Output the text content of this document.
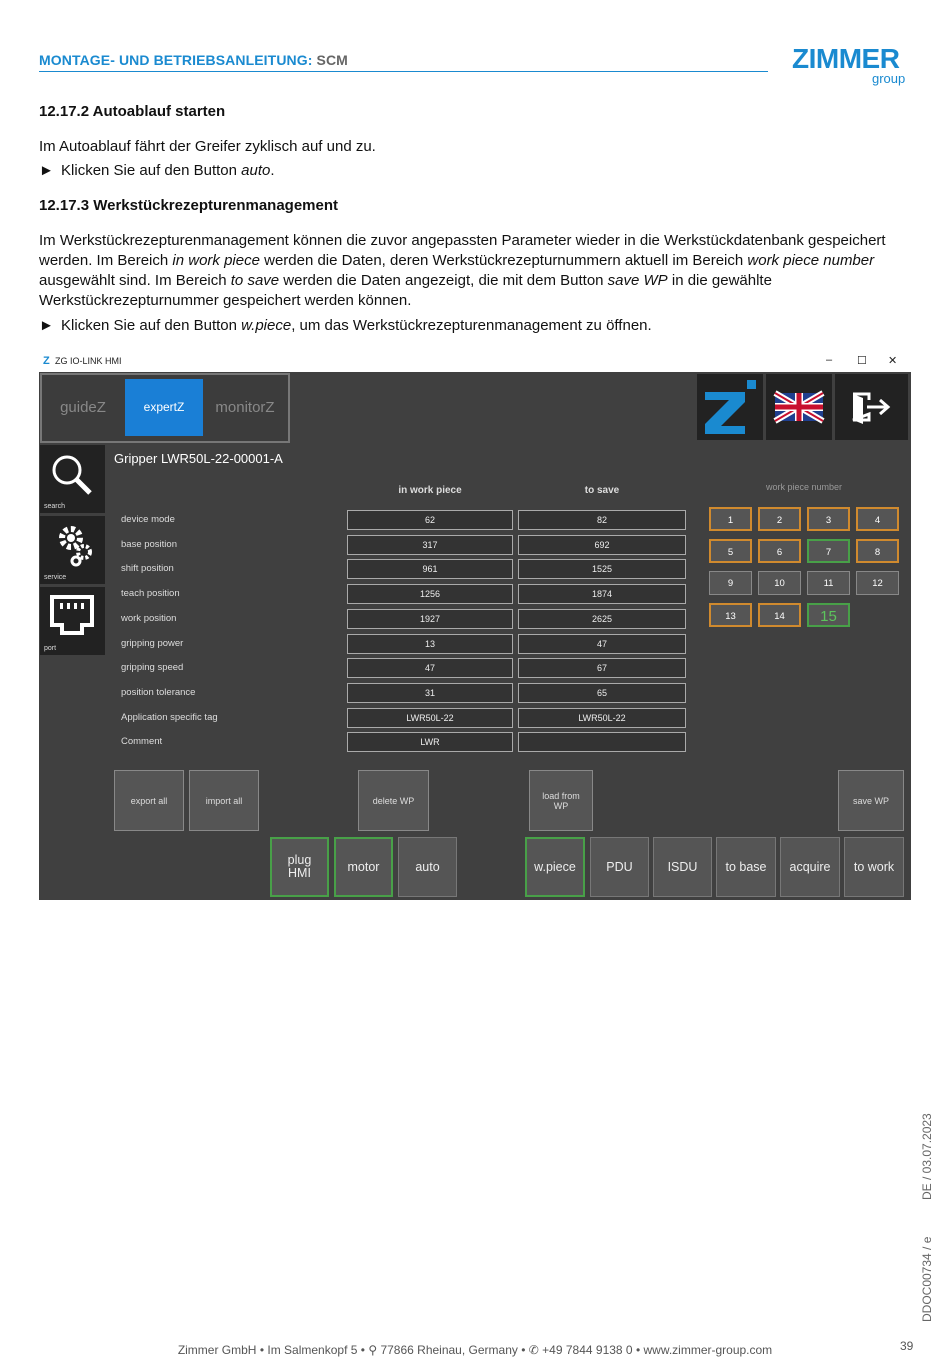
MONTAGE- UND BETRIEBSANLEITUNG: SCM	ZIMMER
group
12.17.2 Autoablauf starten
Im Autoablauf fährt der Greifer zyklisch auf und zu.
► Klicken Sie auf den Button auto.
12.17.3 Werkstückrezepturenmanagement
Im Werkstückrezepturenmanagement können die zuvor angepassten Parameter wieder in die Werkstückdatenbank gespeichert werden. Im Bereich in work piece werden die Daten, deren Werkstückrezepturnummern aktuell im Bereich work piece number ausgewählt sind. Im Bereich to save werden die Daten angezeigt, die mit dem Button save WP in die gewählte Werkstückrezepturnummer gespeichert werden können.
► Klicken Sie auf den Button w.piece, um das Werkstückrezepturenmanagement zu öffnen.
Z ZG IO-LINK HMI	– ☐ ✕
guideZ	expertZ	monitorZ
search
service
port
Gripper LWR50L-22-00001-A
in work piece	to save
device mode	62	82
base position	317	692
shift position	961	1525
teach position	1256	1874
work position	1927	2625
gripping power	13	47
gripping speed	47	67
position tolerance	31	65
Application specific tag	LWR50L-22	LWR50L-22
Comment	LWR
work piece number
1	2	3	4
5	6	7	8
9	10	11	12
13	14	15
export all	import all	delete WP	load from WP	save WP
plug HMI	motor	auto	w.piece	PDU	ISDU	to base	acquire	to work
Zimmer GmbH • Im Salmenkopf 5 • ⚲ 77866 Rheinau, Germany • ✆ +49 7844 9138 0 • www.zimmer-group.com	39
DDOC00734 / e
DE / 03.07.2023
